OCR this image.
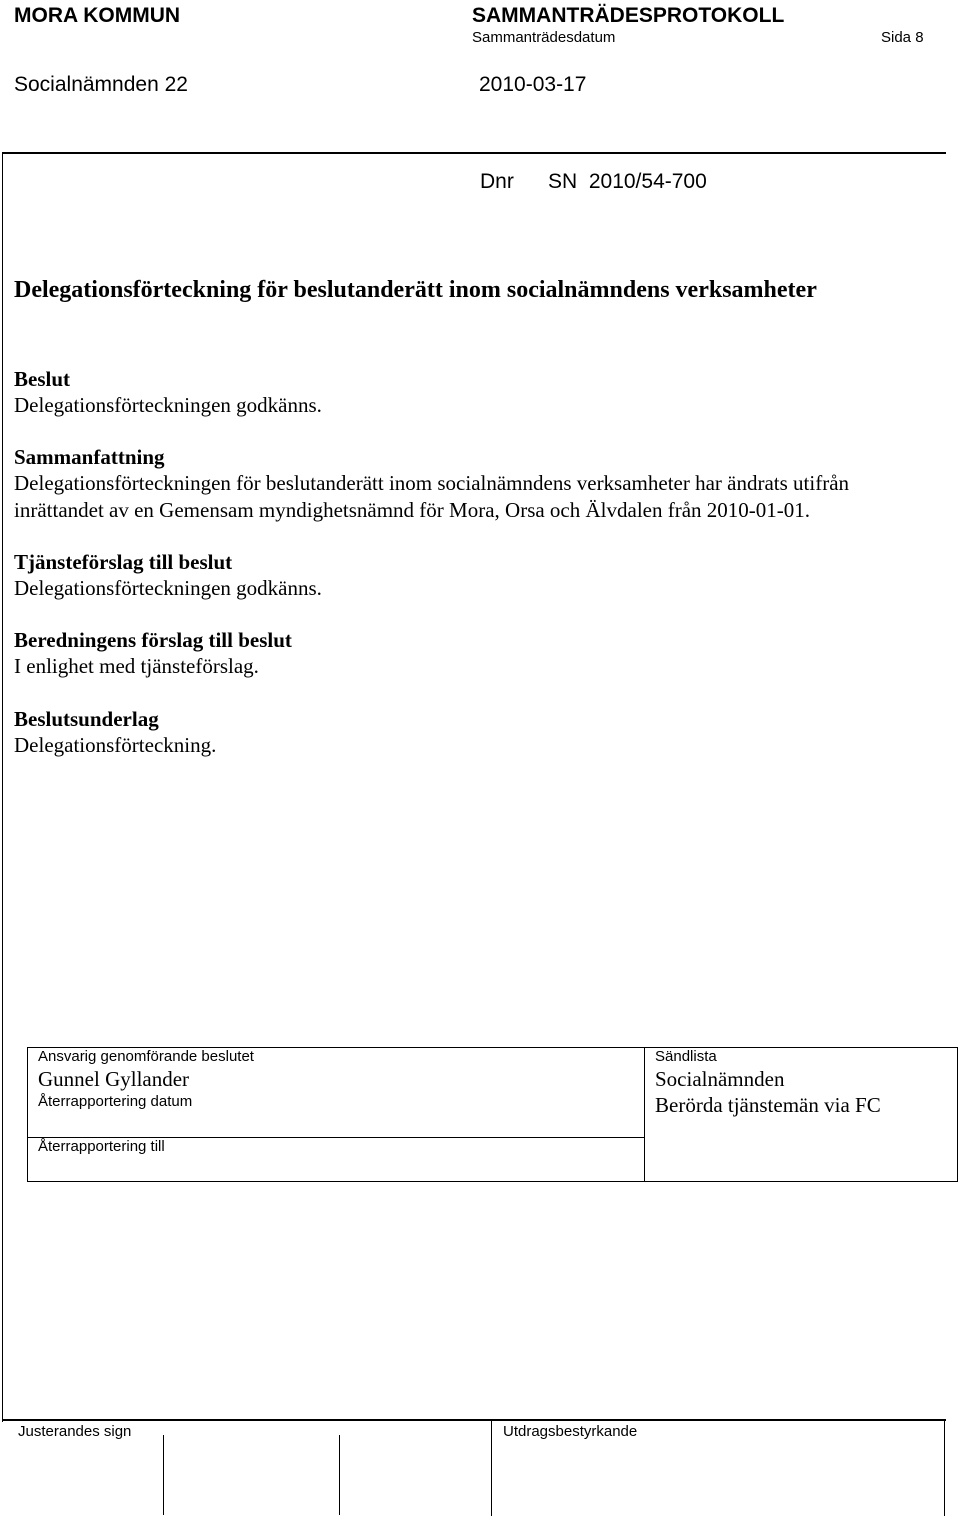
MORA KOMMUN	SAMMANTRÄDESPROTOKOLL
Sammanträdesdatum	Sida 8
Socialnämnden 22	2010-03-17
Dnr SN  2010/54-700
Delegationsförteckning för beslutanderätt inom socialnämndens verksamheter
Beslut
Delegationsförteckningen godkänns.
Sammanfattning
Delegationsförteckningen för beslutanderätt inom socialnämndens verksamheter har ändrats utifrån
inrättandet av en Gemensam myndighetsnämnd för Mora, Orsa och Älvdalen från 2010-01-01.
Tjänsteförslag till beslut
Delegationsförteckningen godkänns.
Beredningens förslag till beslut
I enlighet med tjänsteförslag.
Beslutsunderlag
Delegationsförteckning.
Ansvarig genomförande beslutet
Gunnel Gyllander
Återrapportering datum
Återrapportering till
Sändlista
Socialnämnden
Berörda tjänstemän via FC
Justerandes sign	Utdragsbestyrkande
